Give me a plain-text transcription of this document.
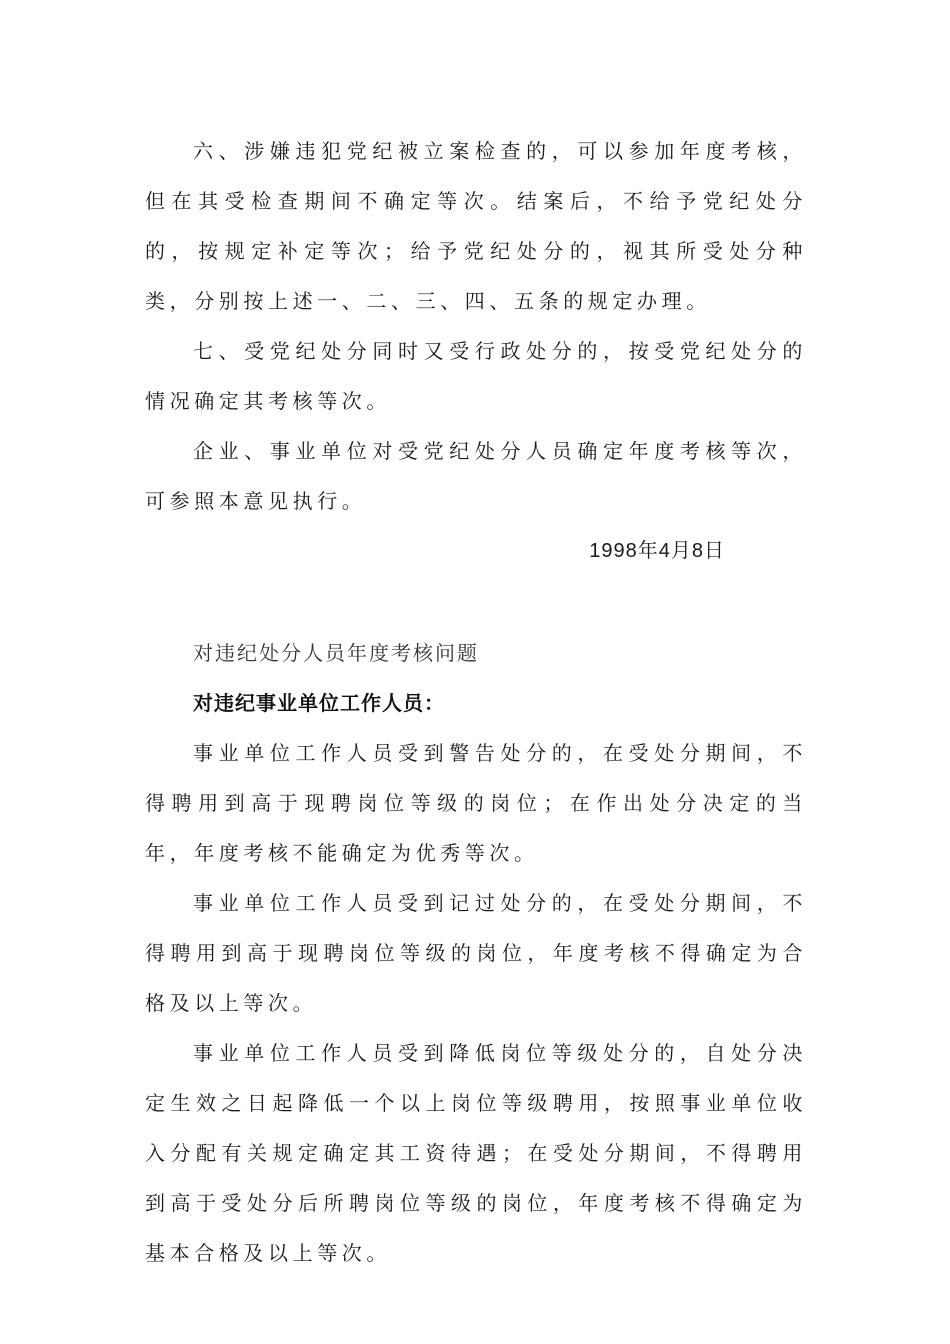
六、涉嫌违犯党纪被立案检查的，可以参加年度考核，但在其受检查期间不确定等次。结案后，不给予党纪处分的，按规定补定等次；给予党纪处分的，视其所受处分种类，分别按上述一、二、三、四、五条的规定办理。

七、受党纪处分同时又受行政处分的，按受党纪处分的情况确定其考核等次。

企业、事业单位对受党纪处分人员确定年度考核等次，可参照本意见执行。

1998年4月8日

对违纪处分人员年度考核问题

对违纪事业单位工作人员：

事业单位工作人员受到警告处分的，在受处分期间，不得聘用到高于现聘岗位等级的岗位；在作出处分决定的当年，年度考核不能确定为优秀等次。

事业单位工作人员受到记过处分的，在受处分期间，不得聘用到高于现聘岗位等级的岗位，年度考核不得确定为合格及以上等次。

事业单位工作人员受到降低岗位等级处分的，自处分决定生效之日起降低一个以上岗位等级聘用，按照事业单位收入分配有关规定确定其工资待遇；在受处分期间，不得聘用到高于受处分后所聘岗位等级的岗位，年度考核不得确定为基本合格及以上等次。
